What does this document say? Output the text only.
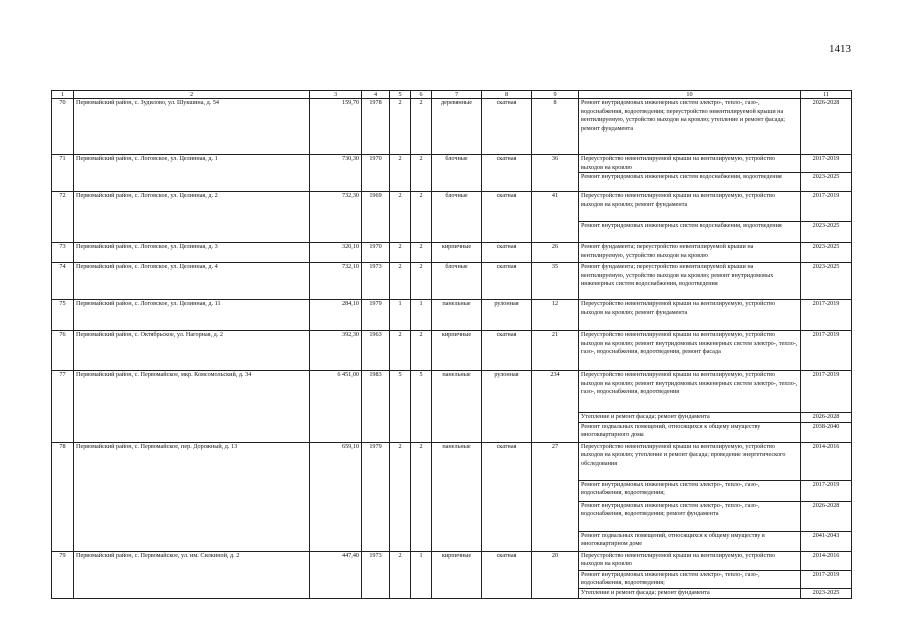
1413
1	2	3	4	5	6	7	8	9	10	11
70	Первомайский район, с. Зудилово, ул. Шукшина, д. 54	159,70	1978	2	2	деревянные	скатная	8	Ремонт внутридомовых инженерных систем электро-, тепло-, газо-, водоснабжения, водоотведения; переустройство невентилируемой крыши на вентилируемую, устройство выходов на кровлю; утепление и ремонт фасада; ремонт фундамента	2026-2028
71	Первомайский район, с. Логовское, ул. Целинная, д. 1	730,30	1970	2	2	блочные	скатная	36	Переустройство невентилируемой крыши на вентилируемую, устройство выходов на кровлю	2017-2019
									Ремонт внутридомовых инженерных систем водоснабжения, водоотведения	2023-2025
72	Первомайский район, с. Логовское, ул. Целинная, д. 2	732,30	1969	2	2	блочные	скатная	41	Переустройство невентилируемой крыши на вентилируемую, устройство выходов на кровлю; ремонт фундамента	2017-2019
									Ремонт внутридомовых инженерных систем водоснабжения, водоотведения	2023-2025
73	Первомайский район, с. Логовское, ул. Целинная, д. 3	320,10	1970	2	2	кирпичные	скатная	26	Ремонт фундамента; переустройство невентилируемой крыши на вентилируемую, устройство выходов на кровлю	2023-2025
74	Первомайский район, с. Логовское, ул. Целинная, д. 4	732,10	1973	2	2	блочные	скатная	35	Ремонт фундамента; переустройство невентилируемой крыши на вентилируемую, устройство выходов на кровлю; ремонт внутридомовых инженерных систем водоснабжения, водоотведения	2023-2025
75	Первомайский район, с. Логовское, ул. Целинная, д. 11	284,10	1979	1	1	панельные	рулонная	12	Переустройство невентилируемой крыши на вентилируемую, устройство выходов на кровлю; ремонт фундамента	2017-2019
76	Первомайский район, с. Октябрьское, ул. Нагорная, д. 2	392,30	1963	2	2	кирпичные	скатная	21	Переустройство невентилируемой крыши на вентилируемую, устройство выходов на кровлю; ремонт внутридомовых инженерных систем электро-, тепло-, газо-, водоснабжения, водоотведения, ремонт фасада	2017-2019
77	Первомайский район, с. Первомайское, мкр. Комсомольский, д. 34	6 451,00	1983	5	5	панельные	рулонная	234	Переустройство невентилируемой крыши на вентилируемую, устройство выходов на кровлю; ремонт внутридомовых инженерных систем электро-, тепло-, газо-, водоснабжения, водоотведения	2017-2019
									Утепление и ремонт фасада; ремонт фундамента	2026-2028
									Ремонт подвальных помещений, относящихся к общему имуществу многоквартирного дома	2038-2040
78	Первомайский район, с. Первомайское, пер. Дорожный, д. 13	659,10	1979	2	2	панельные	скатная	27	Переустройство невентилируемой крыши на вентилируемую, устройство выходов на кровлю; утепление и ремонт фасада; проведение энергетического обследования	2014-2016
									Ремонт внутридомовых инженерных систем электро-, тепло-, газо-, водоснабжения, водоотведения;	2017-2019
									Ремонт внутридомовых инженерных систем электро-, тепло-, газо-, водоснабжения, водоотведения; ремонт фундамента	2026-2028
									Ремонт подвальных помещений, относящихся к общему имуществу в многоквартирном доме	2041-2043
79	Первомайский район, с. Первомайское, ул. им. Силкиной, д. 2	447,40	1973	2	1	кирпичные	скатная	20	Переустройство невентилируемой крыши на вентилируемую, устройство выходов на кровлю	2014-2016
									Ремонт внутридомовых инженерных систем электро-, тепло-, газо-, водоснабжения, водоотведения;	2017-2019
									Утепление и ремонт фасада; ремонт фундамента	2023-2025
